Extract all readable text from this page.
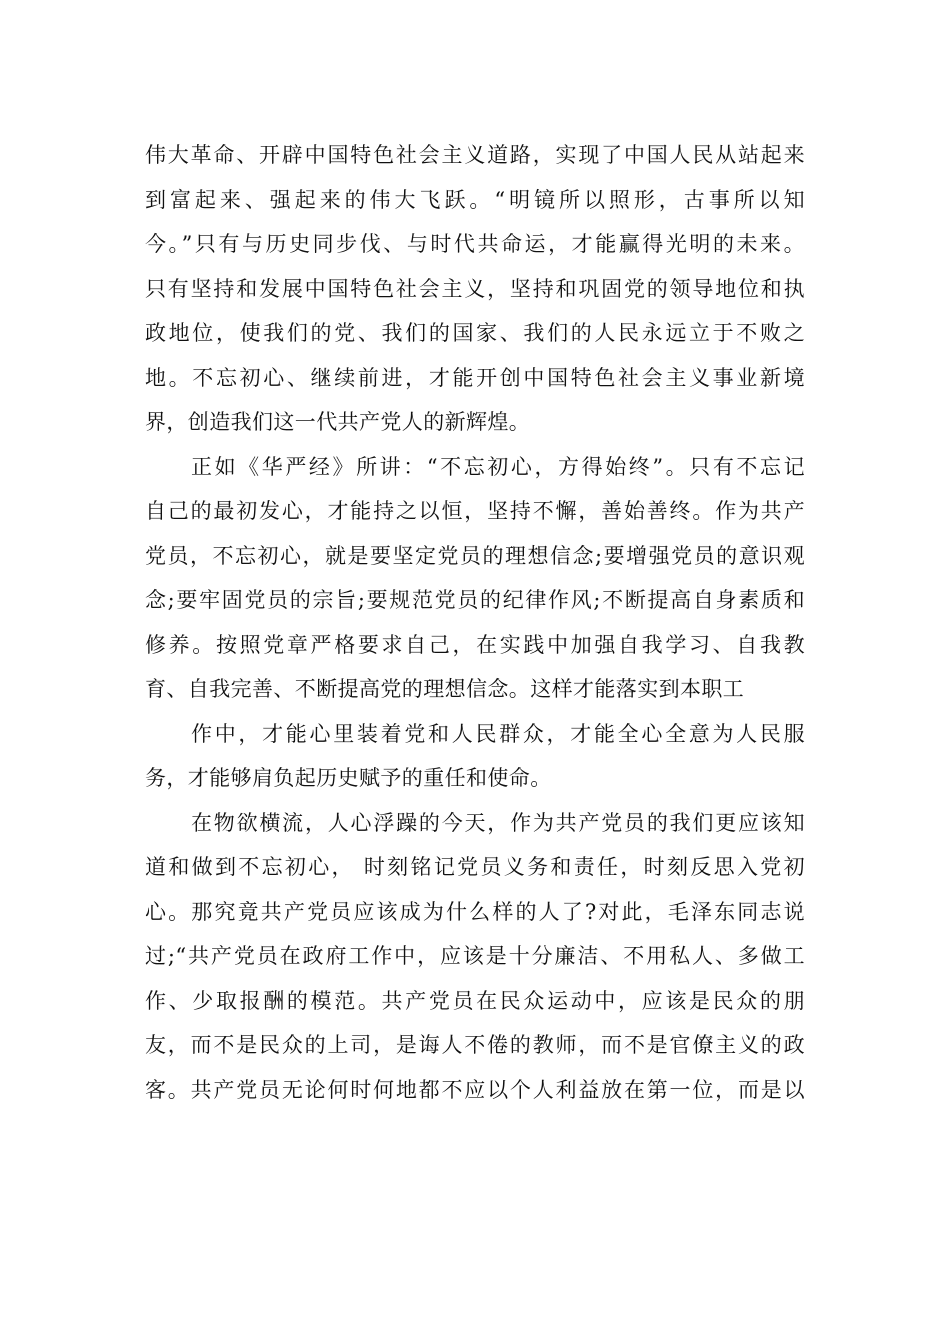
伟大革命、开辟中国特色社会主义道路，实现了中国人民从站起来
到富起来、强起来的伟大飞跃。“明镜所以照形，古事所以知
今。”只有与历史同步伐、与时代共命运，才能赢得光明的未来。
只有坚持和发展中国特色社会主义，坚持和巩固党的领导地位和执
政地位，使我们的党、我们的国家、我们的人民永远立于不败之
地。不忘初心、继续前进，才能开创中国特色社会主义事业新境
界，创造我们这一代共产党人的新辉煌。
正如《华严经》所讲：“不忘初心，方得始终”。只有不忘记
自己的最初发心，才能持之以恒，坚持不懈，善始善终。作为共产
党员，不忘初心，就是要坚定党员的理想信念;要增强党员的意识观
念;要牢固党员的宗旨;要规范党员的纪律作风;不断提高自身素质和
修养。按照党章严格要求自己，在实践中加强自我学习、自我教
育、自我完善、不断提高党的理想信念。这样才能落实到本职工
作中，才能心里装着党和人民群众，才能全心全意为人民服
务，才能够肩负起历史赋予的重任和使命。
在物欲横流，人心浮躁的今天，作为共产党员的我们更应该知
道和做到不忘初心， 时刻铭记党员义务和责任，时刻反思入党初
心。那究竟共产党员应该成为什么样的人了?对此，毛泽东同志说
过;“共产党员在政府工作中，应该是十分廉洁、不用私人、多做工
作、少取报酬的模范。共产党员在民众运动中，应该是民众的朋
友，而不是民众的上司，是诲人不倦的教师，而不是官僚主义的政
客。共产党员无论何时何地都不应以个人利益放在第一位，而是以
